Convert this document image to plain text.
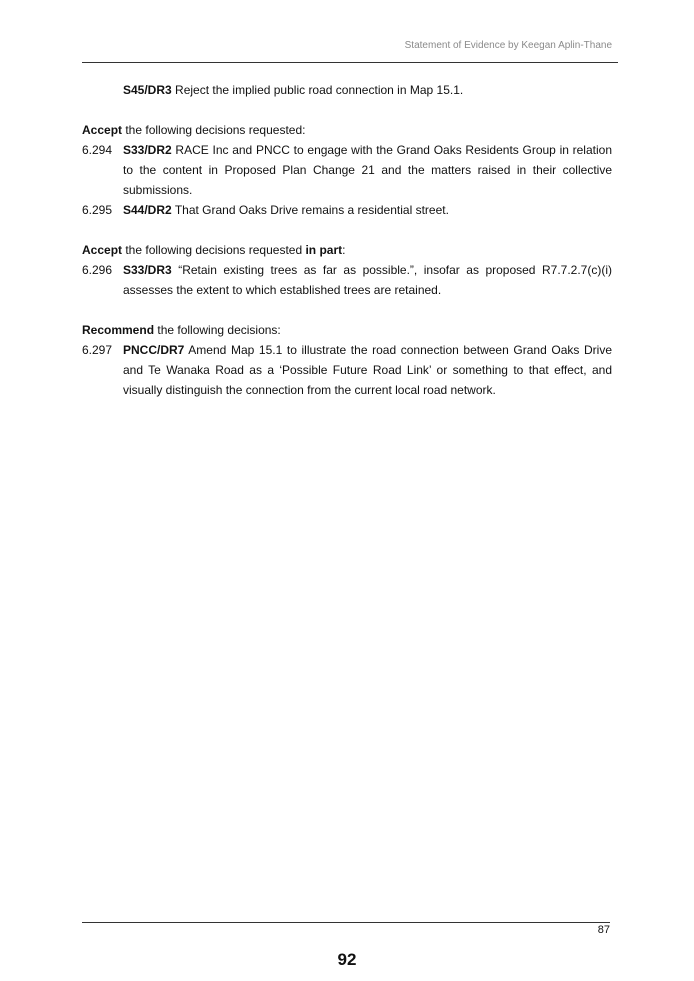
Statement of Evidence by Keegan Aplin-Thane
S45/DR3 Reject the implied public road connection in Map 15.1.
Accept the following decisions requested:
6.294 S33/DR2 RACE Inc and PNCC to engage with the Grand Oaks Residents Group in relation to the content in Proposed Plan Change 21 and the matters raised in their collective submissions.
6.295 S44/DR2 That Grand Oaks Drive remains a residential street.
Accept the following decisions requested in part:
6.296 S33/DR3 “Retain existing trees as far as possible.”, insofar as proposed R7.7.2.7(c)(i) assesses the extent to which established trees are retained.
Recommend the following decisions:
6.297 PNCC/DR7 Amend Map 15.1 to illustrate the road connection between Grand Oaks Drive and Te Wanaka Road as a ‘Possible Future Road Link’ or something to that effect, and visually distinguish the connection from the current local road network.
87
92
